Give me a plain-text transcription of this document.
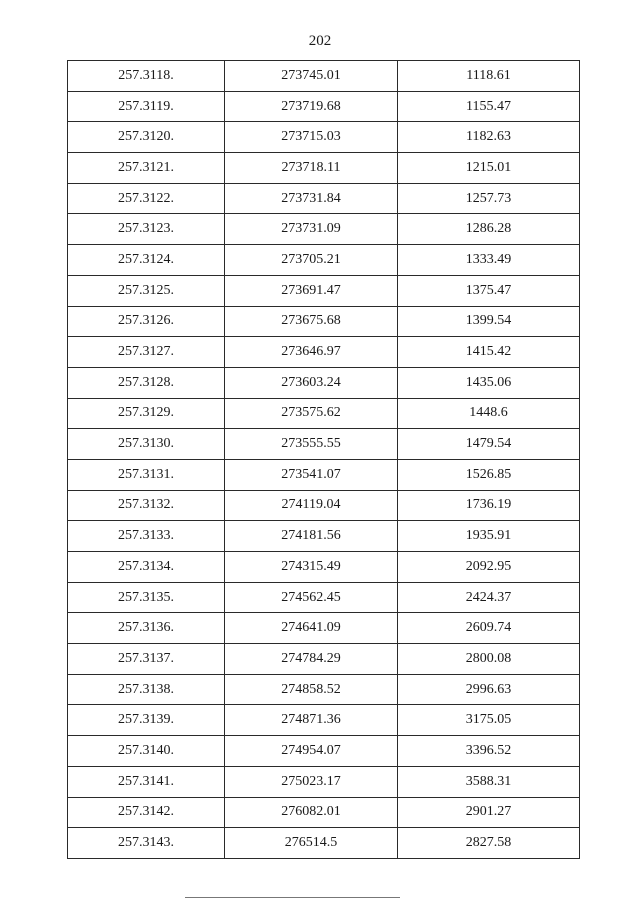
202
257.3118.	273745.01	1118.61
257.3119.	273719.68	1155.47
257.3120.	273715.03	1182.63
257.3121.	273718.11	1215.01
257.3122.	273731.84	1257.73
257.3123.	273731.09	1286.28
257.3124.	273705.21	1333.49
257.3125.	273691.47	1375.47
257.3126.	273675.68	1399.54
257.3127.	273646.97	1415.42
257.3128.	273603.24	1435.06
257.3129.	273575.62	1448.6
257.3130.	273555.55	1479.54
257.3131.	273541.07	1526.85
257.3132.	274119.04	1736.19
257.3133.	274181.56	1935.91
257.3134.	274315.49	2092.95
257.3135.	274562.45	2424.37
257.3136.	274641.09	2609.74
257.3137.	274784.29	2800.08
257.3138.	274858.52	2996.63
257.3139.	274871.36	3175.05
257.3140.	274954.07	3396.52
257.3141.	275023.17	3588.31
257.3142.	276082.01	2901.27
257.3143.	276514.5	2827.58
